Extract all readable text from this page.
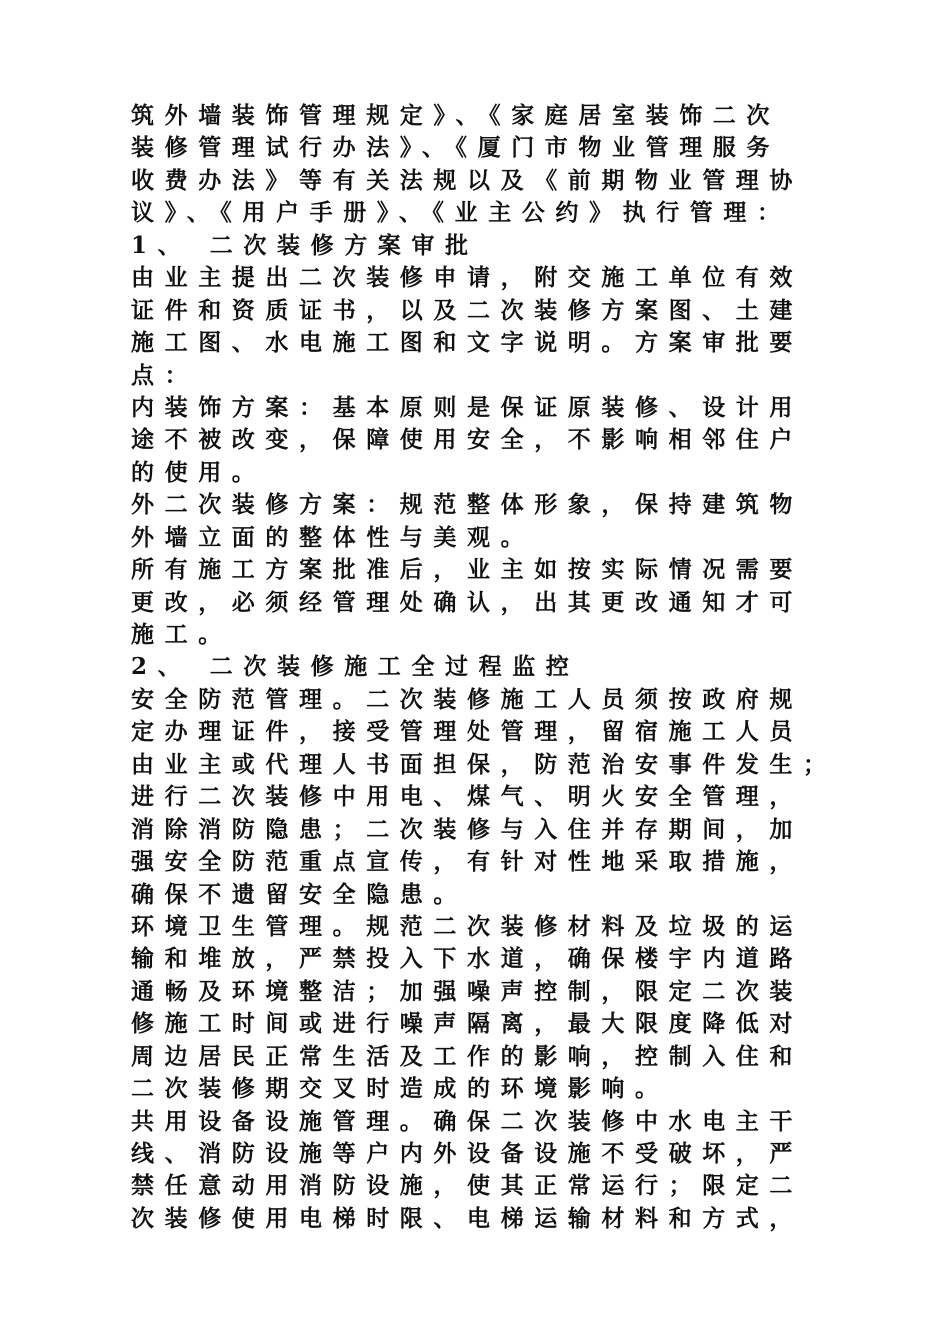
筑外墙装饰管理规定》、《家庭居室装饰二次
装修管理试行办法》、《厦门市物业管理服务
收费办法》等有关法规以及《前期物业管理协
议》、《用户手册》、《业主公约》执行管理：
1、 二次装修方案审批
由业主提出二次装修申请，附交施工单位有效
证件和资质证书，以及二次装修方案图、土建
施工图、水电施工图和文字说明。方案审批要
点：
内装饰方案：基本原则是保证原装修、设计用
途不被改变，保障使用安全，不影响相邻住户
的使用。
外二次装修方案：规范整体形象，保持建筑物
外墙立面的整体性与美观。
所有施工方案批准后，业主如按实际情况需要
更改，必须经管理处确认，出其更改通知才可
施工。
2、 二次装修施工全过程监控
安全防范管理。二次装修施工人员须按政府规
定办理证件，接受管理处管理，留宿施工人员
由业主或代理人书面担保，防范治安事件发生；
进行二次装修中用电、煤气、明火安全管理，
消除消防隐患；二次装修与入住并存期间，加
强安全防范重点宣传，有针对性地采取措施，
确保不遗留安全隐患。
环境卫生管理。规范二次装修材料及垃圾的运
输和堆放，严禁投入下水道，确保楼宇内道路
通畅及环境整洁；加强噪声控制，限定二次装
修施工时间或进行噪声隔离，最大限度降低对
周边居民正常生活及工作的影响，控制入住和
二次装修期交叉时造成的环境影响。
共用设备设施管理。确保二次装修中水电主干
线、消防设施等户内外设备设施不受破坏，严
禁任意动用消防设施，使其正常运行；限定二
次装修使用电梯时限、电梯运输材料和方式，
